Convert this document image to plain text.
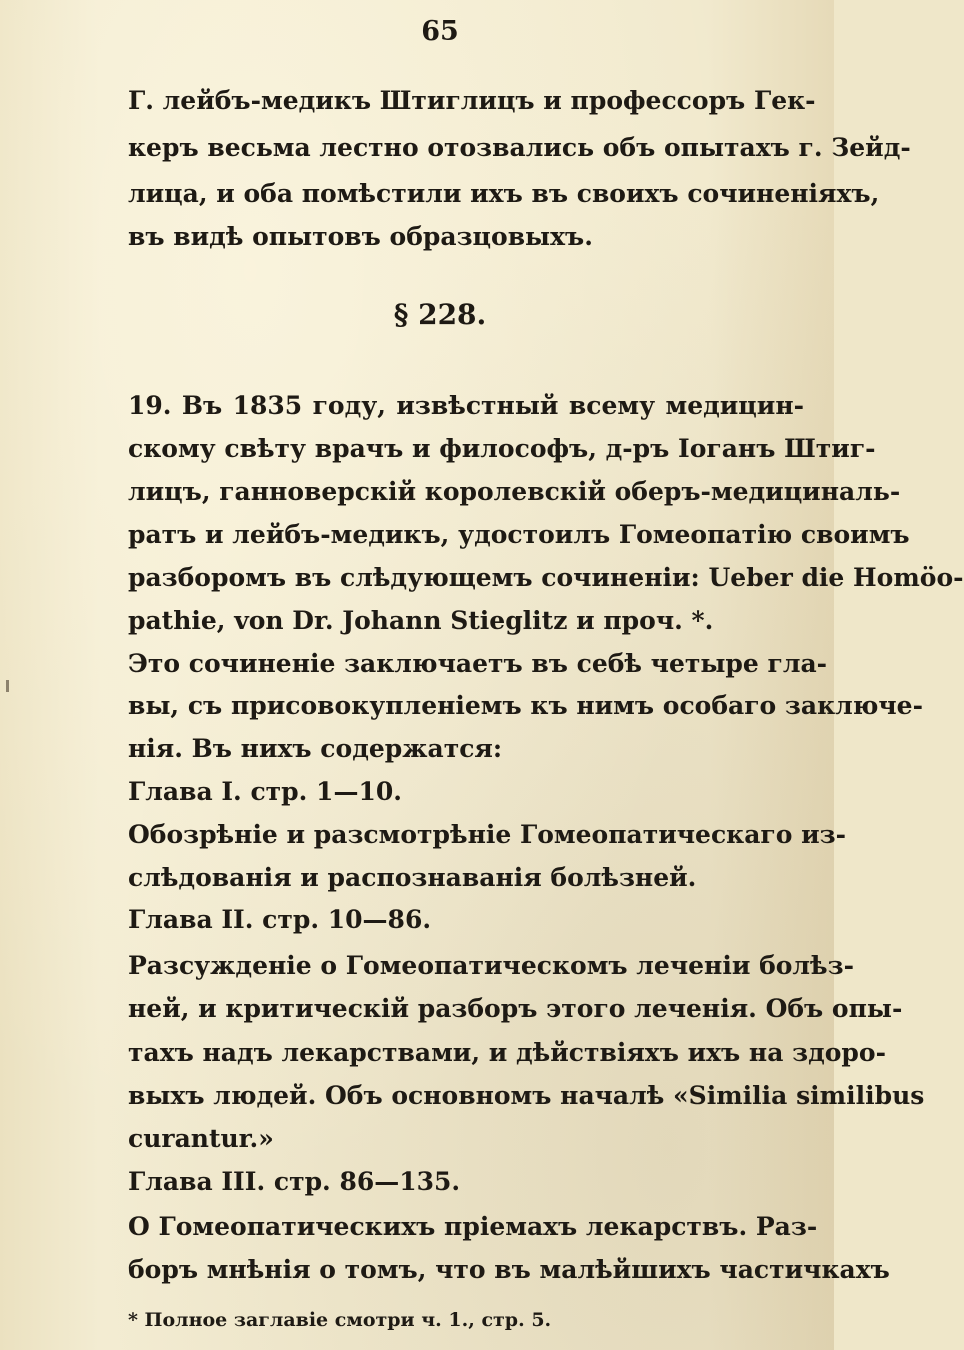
65
Г. лейбъ-медикъ Штиглицъ и профессоръ Гек-
керъ весьма лестно отозвались объ опытахъ г. Зейд-
лица, и оба помѣстили ихъ въ своихъ сочиненіяхъ,
въ видѣ опытовъ образцовыхъ.
§ 228.
19. Въ 1835 году, извѣстный всему медицин-
скому свѣту врачъ и философъ, д-ръ Іоганъ Штиг-
лицъ, ганноверскій королевскій оберъ-медициналь-
ратъ и лейбъ-медикъ, удостоилъ Гомеопатію своимъ
разборомъ въ слѣдующемъ сочиненіи: Ueber die Homöo-
pathie, von Dr. Johann Stieglitz и проч. *.
Это сочиненіе заключаетъ въ себѣ четыре гла-
вы, съ присовокупленіемъ къ нимъ особаго заключе-
нія. Въ нихъ содержатся:
Глава I. стр. 1—10.
Обозрѣніе и разсмотрѣніе Гомеопатическаго из-
слѣдованія и распознаванія болѣзней.
Глава II. стр. 10—86.
Разсужденіе о Гомеопатическомъ леченіи болѣз-
ней, и критическій разборъ этого леченія. Объ опы-
тахъ надъ лекарствами, и дѣйствіяхъ ихъ на здоро-
выхъ людей. Объ основномъ началѣ «Similia similibus
curantur.»
Глава III. стр. 86—135.
О Гомеопатическихъ пріемахъ лекарствъ. Раз-
боръ мнѣнія о томъ, что въ малѣйшихъ частичкахъ
* Полное заглавіе смотри ч. 1., стр. 5.
